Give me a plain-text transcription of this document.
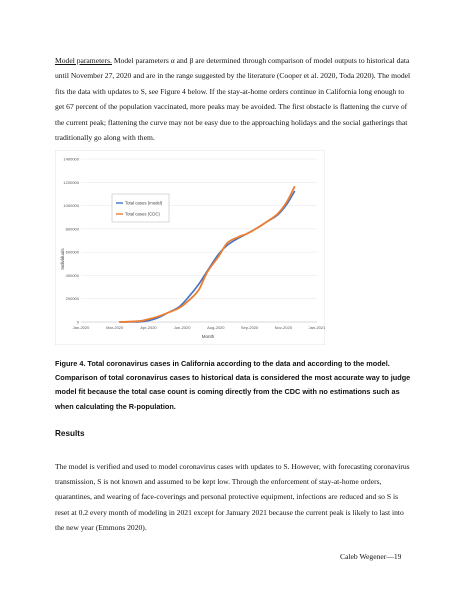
Model parameters. Model parameters α and β are determined through comparison of model outputs to historical data until November 27, 2020 and are in the range suggested by the literature (Cooper et al. 2020, Toda 2020). The model fits the data with updates to S, see Figure 4 below. If the stay-at-home orders continue in California long enough to get 67 percent of the population vaccinated, more peaks may be avoided. The first obstacle is flattening the curve of the current peak; flattening the curve may not be easy due to the approaching holidays and the social gatherings that traditionally go along with them.

0
200000
400000
600000
800000
1000000
1200000
1400000
Jan-2020	Mar-2020	Apr-2020	Jun-2020	Aug-2020	Sep-2020	Nov-2020	Jan-2021
Individuals
Month
Total cases (model)
Total cases (CDC)

Figure 4. Total coronavirus cases in California according to the data and according to the model. Comparison of total coronavirus cases to historical data is considered the most accurate way to judge model fit because the total case count is coming directly from the CDC with no estimations such as when calculating the R-population.

Results

The model is verified and used to model coronavirus cases with updates to S. However, with forecasting coronavirus transmission, S is not known and assumed to be kept low. Through the enforcement of stay-at-home orders, quarantines, and wearing of face-coverings and personal protective equipment, infections are reduced and so S is reset at 0.2 every month of modeling in 2021 except for January 2021 because the current peak is likely to last into the new year (Emmons 2020).

Caleb Wegener—19
